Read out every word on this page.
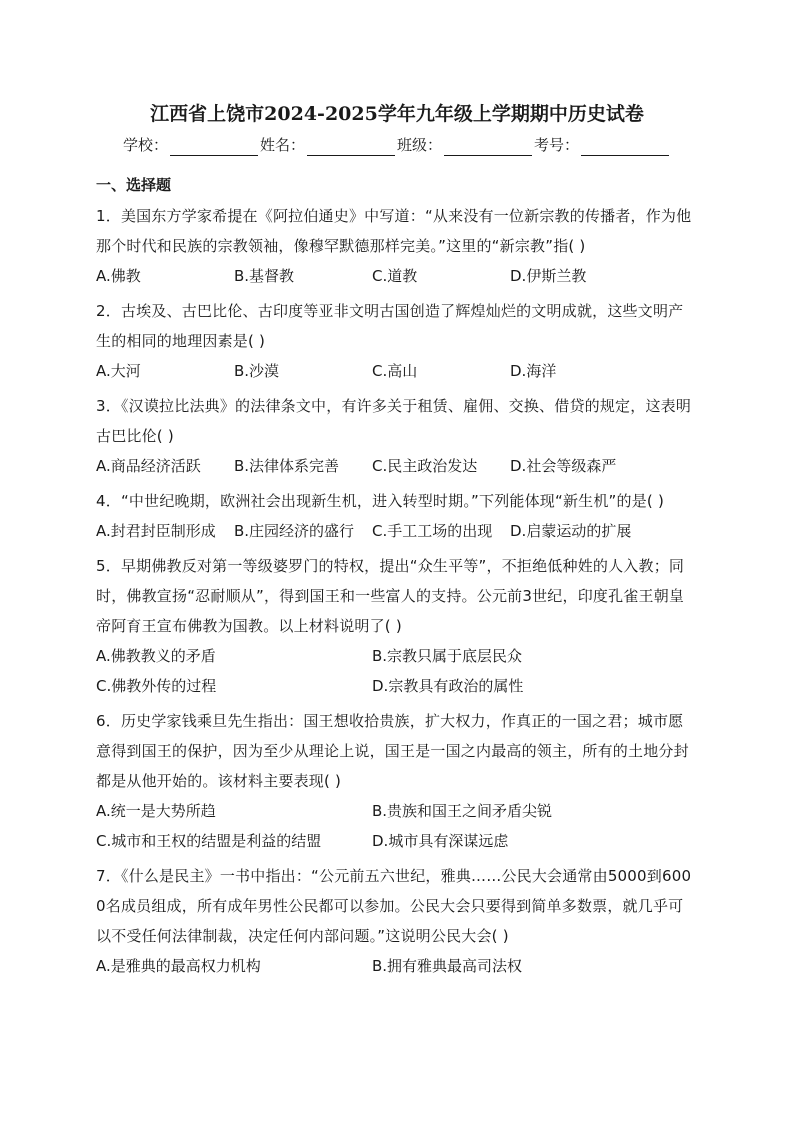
江西省上饶市2024-2025学年九年级上学期期中历史试卷
学校：	姓名：	班级：	考号：
一、选择题
1．美国东方学家希提在《阿拉伯通史》中写道：“从来没有一位新宗教的传播者，作为他那个时代和民族的宗教领袖，像穆罕默德那样完美。”这里的“新宗教”指( )
A.佛教	B.基督教	C.道教	D.伊斯兰教
2．古埃及、古巴比伦、古印度等亚非文明古国创造了辉煌灿烂的文明成就，这些文明产生的相同的地理因素是( )
A.大河	B.沙漠	C.高山	D.海洋
3．《汉谟拉比法典》的法律条文中，有许多关于租赁、雇佣、交换、借贷的规定，这表明古巴比伦( )
A.商品经济活跃	B.法律体系完善	C.民主政治发达	D.社会等级森严
4．“中世纪晚期，欧洲社会出现新生机，进入转型时期。”下列能体现“新生机”的是( )
A.封君封臣制形成	B.庄园经济的盛行	C.手工工场的出现	D.启蒙运动的扩展
5．早期佛教反对第一等级婆罗门的特权，提出“众生平等”，不拒绝低种姓的人入教；同时，佛教宣扬“忍耐顺从”，得到国王和一些富人的支持。公元前3世纪，印度孔雀王朝皇帝阿育王宣布佛教为国教。以上材料说明了( )
A.佛教教义的矛盾	B.宗教只属于底层民众
C.佛教外传的过程	D.宗教具有政治的属性
6．历史学家钱乘旦先生指出：国王想收拾贵族，扩大权力，作真正的一国之君；城市愿意得到国王的保护，因为至少从理论上说，国王是一国之内最高的领主，所有的土地分封都是从他开始的。该材料主要表现( )
A.统一是大势所趋	B.贵族和国王之间矛盾尖锐
C.城市和王权的结盟是利益的结盟	D.城市具有深谋远虑
7．《什么是民主》一书中指出：“公元前五六世纪，雅典……公民大会通常由5000到6000名成员组成，所有成年男性公民都可以参加。公民大会只要得到简单多数票，就几乎可以不受任何法律制裁，决定任何内部问题。”这说明公民大会( )
A.是雅典的最高权力机构	B.拥有雅典最高司法权
